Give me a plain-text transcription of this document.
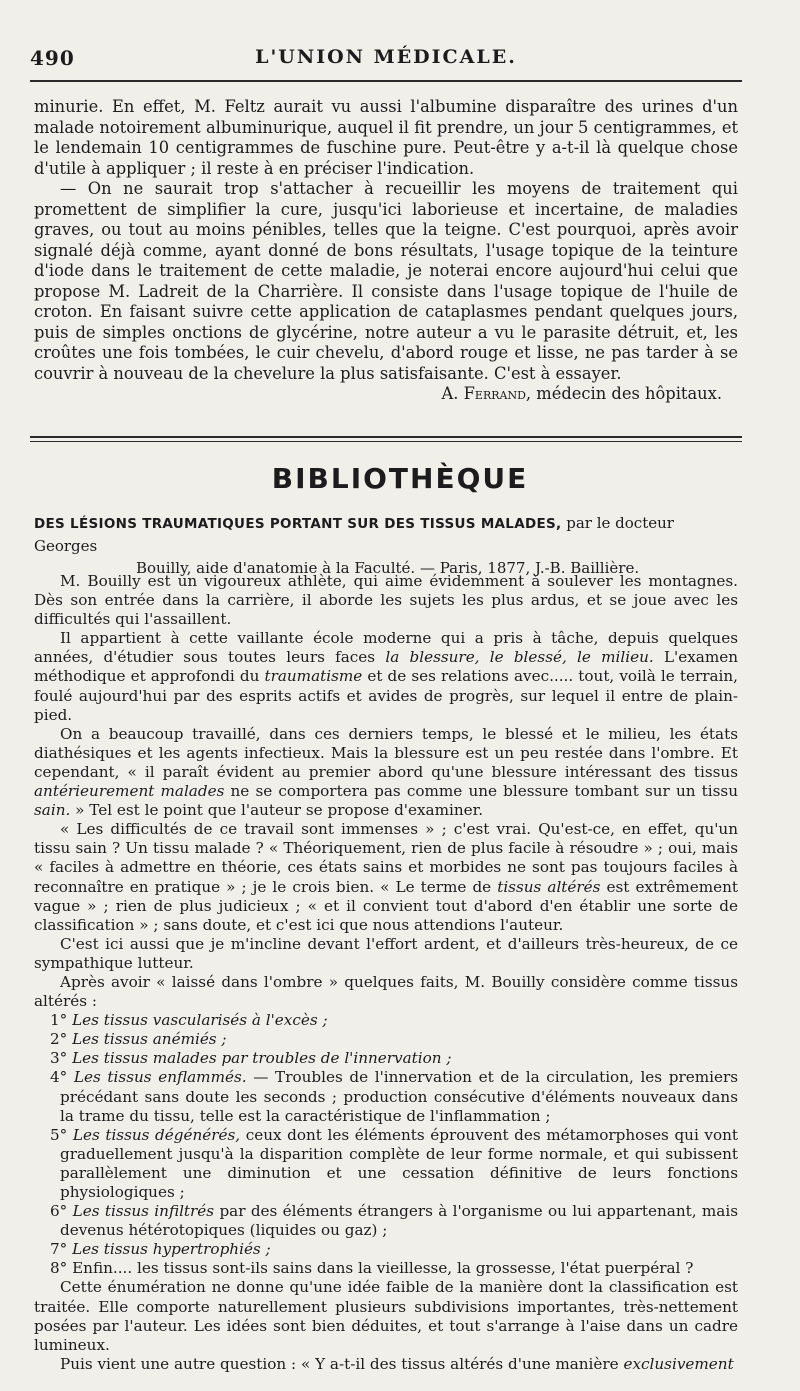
490	L'UNION MÉDICALE.

minurie. En effet, M. Feltz aurait vu aussi l'albumine disparaître des urines d'un malade notoirement albuminurique, auquel il fit prendre, un jour 5 centigrammes, et le lendemain 10 centigrammes de fuschine pure. Peut-être y a-t-il là quelque chose d'utile à appliquer ; il reste à en préciser l'indication.

— On ne saurait trop s'attacher à recueillir les moyens de traitement qui promettent de simplifier la cure, jusqu'ici laborieuse et incertaine, de maladies graves, ou tout au moins pénibles, telles que la teigne. C'est pourquoi, après avoir signalé déjà comme, ayant donné de bons résultats, l'usage topique de la teinture d'iode dans le traitement de cette maladie, je noterai encore aujourd'hui celui que propose M. Ladreit de la Charrière. Il consiste dans l'usage topique de l'huile de croton. En faisant suivre cette application de cataplasmes pendant quelques jours, puis de simples onctions de glycérine, notre auteur a vu le parasite détruit, et, les croûtes une fois tombées, le cuir chevelu, d'abord rouge et lisse, ne pas tarder à se couvrir à nouveau de la chevelure la plus satisfaisante. C'est à essayer.

A. Ferrand, médecin des hôpitaux.

BIBLIOTHÈQUE
DES LÉSIONS TRAUMATIQUES PORTANT SUR DES TISSUS MALADES, par le docteur Georges
Bouilly, aide d'anatomie à la Faculté. — Paris, 1877, J.-B. Baillière.

M. Bouilly est un vigoureux athlète, qui aime évidemment à soulever les montagnes. Dès son entrée dans la carrière, il aborde les sujets les plus ardus, et se joue avec les difficultés qui l'assaillent.

Il appartient à cette vaillante école moderne qui a pris à tâche, depuis quelques années, d'étudier sous toutes leurs faces la blessure, le blessé, le milieu. L'examen méthodique et approfondi du traumatisme et de ses relations avec..... tout, voilà le terrain, foulé aujourd'hui par des esprits actifs et avides de progrès, sur lequel il entre de plain-pied.

On a beaucoup travaillé, dans ces derniers temps, le blessé et le milieu, les états diathésiques et les agents infectieux. Mais la blessure est un peu restée dans l'ombre. Et cependant, « il paraît évident au premier abord qu'une blessure intéressant des tissus antérieurement malades ne se comportera pas comme une blessure tombant sur un tissu sain. » Tel est le point que l'auteur se propose d'examiner.

« Les difficultés de ce travail sont immenses » ; c'est vrai. Qu'est-ce, en effet, qu'un tissu sain ? Un tissu malade ? « Théoriquement, rien de plus facile à résoudre » ; oui, mais « faciles à admettre en théorie, ces états sains et morbides ne sont pas toujours faciles à reconnaître en pratique » ; je le crois bien. « Le terme de tissus altérés est extrêmement vague » ; rien de plus judicieux ; « et il convient tout d'abord d'en établir une sorte de classification » ; sans doute, et c'est ici que nous attendions l'auteur.

C'est ici aussi que je m'incline devant l'effort ardent, et d'ailleurs très-heureux, de ce sympathique lutteur.

Après avoir « laissé dans l'ombre » quelques faits, M. Bouilly considère comme tissus altérés :

1° Les tissus vascularisés à l'excès ;

2° Les tissus anémiés ;

3° Les tissus malades par troubles de l'innervation ;

4° Les tissus enflammés. — Troubles de l'innervation et de la circulation, les premiers précédant sans doute les seconds ; production consécutive d'éléments nouveaux dans la trame du tissu, telle est la caractéristique de l'inflammation ;

5° Les tissus dégénérés, ceux dont les éléments éprouvent des métamorphoses qui vont graduellement jusqu'à la disparition complète de leur forme normale, et qui subissent parallèlement une diminution et une cessation définitive de leurs fonctions physiologiques ;

6° Les tissus infiltrés par des éléments étrangers à l'organisme ou lui appartenant, mais devenus hétérotopiques (liquides ou gaz) ;

7° Les tissus hypertrophiés ;

8° Enfin.... les tissus sont-ils sains dans la vieillesse, la grossesse, l'état puerpéral ?

Cette énumération ne donne qu'une idée faible de la manière dont la classification est traitée. Elle comporte naturellement plusieurs subdivisions importantes, très-nettement posées par l'auteur. Les idées sont bien déduites, et tout s'arrange à l'aise dans un cadre lumineux.

Puis vient une autre question : « Y a-t-il des tissus altérés d'une manière exclusivement
